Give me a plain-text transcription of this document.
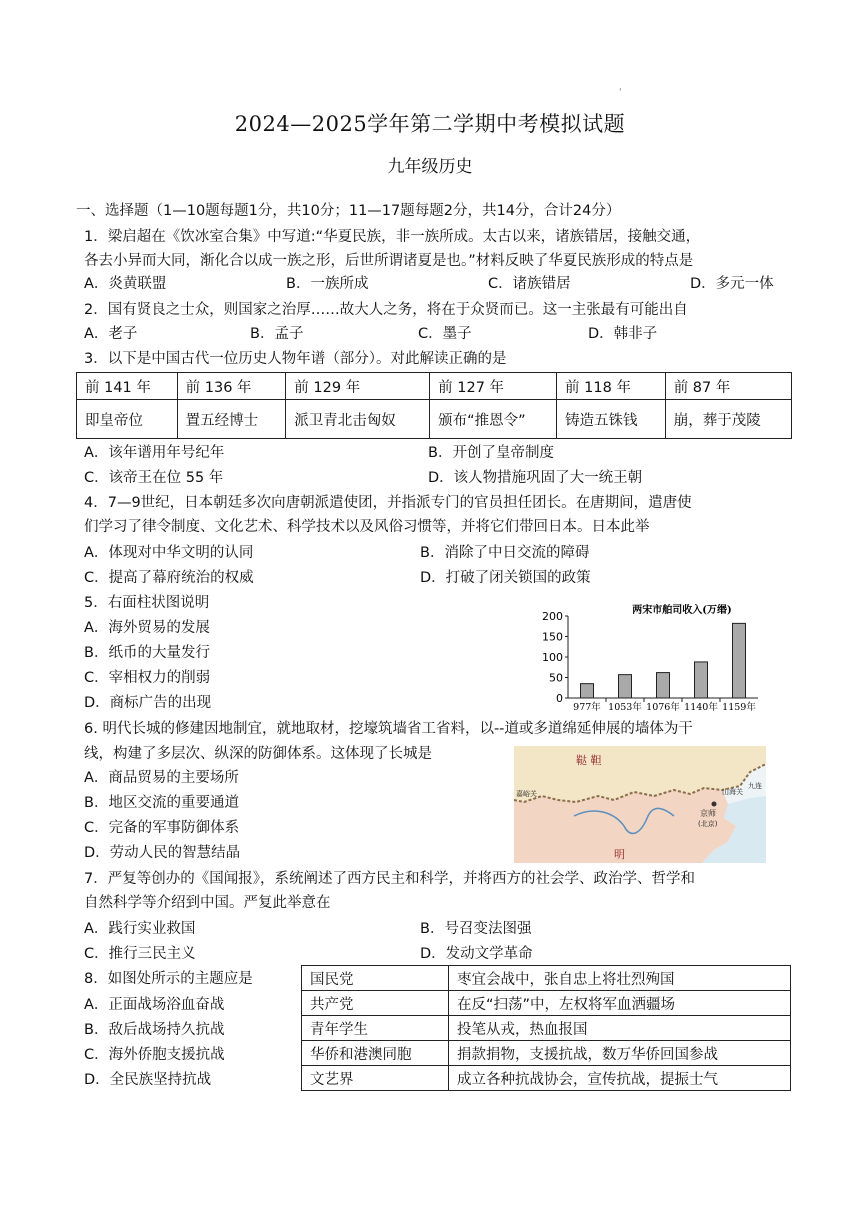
'
2024—2025学年第二学期中考模拟试题
九年级历史
一、选择题（1—10题每题1分，共10分；11—17题每题2分，共14分，合计24分）
1．梁启超在《饮冰室合集》中写道:“华夏民族，非一族所成。太古以来，诸族错居，接触交通，
各去小异而大同，渐化合以成一族之形，后世所谓诸夏是也。”材料反映了华夏民族形成的特点是
A．炎黄联盟	B．一族所成	C．诸族错居	D．多元一体
2．国有贤良之士众，则国家之治厚……故大人之务，将在于众贤而已。这一主张最有可能出自
A．老子	B．孟子	C．墨子	D．韩非子
3．以下是中国古代一位历史人物年谱（部分）。对此解读正确的是
前 141 年	前 136 年	前 129 年	前 127 年	前 118 年	前 87 年
即皇帝位	置五经博士	派卫青北击匈奴	颁布“推恩令”	铸造五铢钱	崩，葬于茂陵
A．该年谱用年号纪年	B．开创了皇帝制度
C．该帝王在位 55 年	D．该人物措施巩固了大一统王朝
4．7—9世纪，日本朝廷多次向唐朝派遣使团，并指派专门的官员担任团长。在唐期间，遣唐使
们学习了律令制度、文化艺术、科学技术以及风俗习惯等，并将它们带回日本。日本此举
A．体现对中华文明的认同	B．消除了中日交流的障碍
C．提高了幕府统治的权威	D．打破了闭关锁国的政策
5．右面柱状图说明
A．海外贸易的发展
B．纸币的大量发行
C．宰相权力的削弱
D．商标广告的出现
两宋市舶司收入(万缗)
0
50
100
150
200
977年 1053年 1076年 1140年 1159年
6. 明代长城的修建因地制宜，就地取材，挖壕筑墙省工省料，以--道或多道绵延伸展的墙体为干
线，构建了多层次、纵深的防御体系。这体现了长城是
A．商品贸易的主要场所
B．地区交流的重要通道
C．完备的军事防御体系
D．劳动人民的智慧结晶
鞑 靼
明
京师
(北京)
山海关
嘉峪关
九连
7．严复等创办的《国闻报》，系统阐述了西方民主和科学，并将西方的社会学、政治学、哲学和
自然科学等介绍到中国。严复此举意在
A．践行实业救国	B．号召变法图强
C．推行三民主义	D．发动文学革命
8．如图处所示的主题应是
A．正面战场浴血奋战
B．敌后战场持久抗战
C．海外侨胞支援抗战
D．全民族坚持抗战
国民党	枣宜会战中，张自忠上将壮烈殉国
共产党	在反“扫荡”中，左权将军血洒疆场
青年学生	投笔从戎，热血报国
华侨和港澳同胞	捐款捐物，支援抗战，数万华侨回国参战
文艺界	成立各种抗战协会，宣传抗战，提振士气
